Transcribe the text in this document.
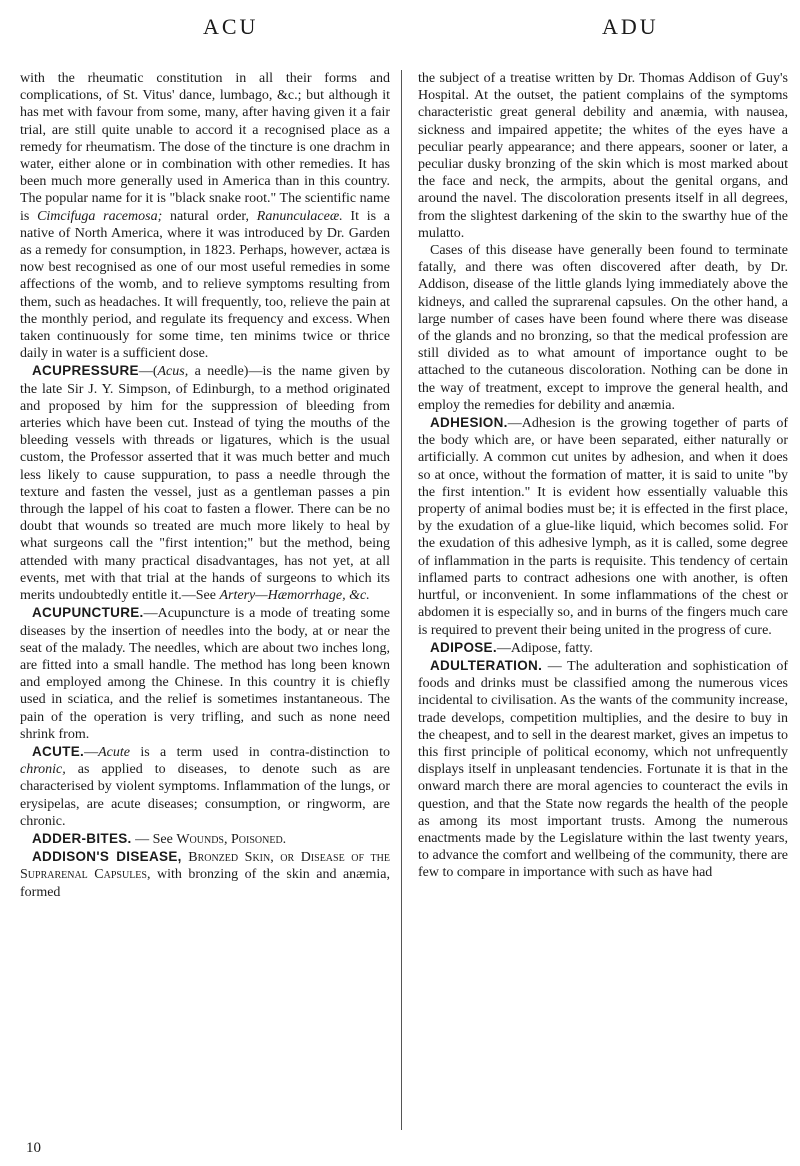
ACU	ADU

with the rheumatic constitution in all their forms and complications, of St. Vitus' dance, lumbago, &c.; but although it has met with favour from some, many, after having given it a fair trial, are still quite unable to accord it a recognised place as a remedy for rheumatism. The dose of the tincture is one drachm in water, either alone or in combination with other remedies. It has been much more generally used in America than in this country. The popular name for it is "black snake root." The scientific name is Cimcifuga racemosa; natural order, Ranunculaceæ. It is a native of North America, where it was introduced by Dr. Garden as a remedy for consumption, in 1823. Perhaps, however, actæa is now best recognised as one of our most useful remedies in some affections of the womb, and to relieve symptoms resulting from them, such as headaches. It will frequently, too, relieve the pain at the monthly period, and regulate its frequency and excess. When taken continuously for some time, ten minims twice or thrice daily in water is a sufficient dose.

ACUPRESSURE—(Acus, a needle)—is the name given by the late Sir J. Y. Simpson, of Edinburgh, to a method originated and proposed by him for the suppression of bleeding from arteries which have been cut. Instead of tying the mouths of the bleeding vessels with threads or ligatures, which is the usual custom, the Professor asserted that it was much better and much less likely to cause suppuration, to pass a needle through the texture and fasten the vessel, just as a gentleman passes a pin through the lappel of his coat to fasten a flower. There can be no doubt that wounds so treated are much more likely to heal by what surgeons call the "first intention;" but the method, being attended with many practical disadvantages, has not yet, at all events, met with that trial at the hands of surgeons to which its merits undoubtedly entitle it.—See Artery—Hæmorrhage, &c.

ACUPUNCTURE.—Acupuncture is a mode of treating some diseases by the insertion of needles into the body, at or near the seat of the malady. The needles, which are about two inches long, are fitted into a small handle. The method has long been known and employed among the Chinese. In this country it is chiefly used in sciatica, and the relief is sometimes instantaneous. The pain of the operation is very trifling, and such as none need shrink from.

ACUTE.—Acute is a term used in contra-distinction to chronic, as applied to diseases, to denote such as are characterised by violent symptoms. Inflammation of the lungs, or erysipelas, are acute diseases; consumption, or ringworm, are chronic.

ADDER-BITES. — See Wounds, Poisoned.

ADDISON'S DISEASE, Bronzed Skin, or Disease of the Suprarenal Capsules, with bronzing of the skin and anæmia, formed

the subject of a treatise written by Dr. Thomas Addison of Guy's Hospital. At the outset, the patient complains of the symptoms characteristic great general debility and anæmia, with nausea, sickness and impaired appetite; the whites of the eyes have a peculiar pearly appearance; and there appears, sooner or later, a peculiar dusky bronzing of the skin which is most marked about the face and neck, the armpits, about the genital organs, and around the navel. The discoloration presents itself in all degrees, from the slightest darkening of the skin to the swarthy hue of the mulatto.

Cases of this disease have generally been found to terminate fatally, and there was often discovered after death, by Dr. Addison, disease of the little glands lying immediately above the kidneys, and called the suprarenal capsules. On the other hand, a large number of cases have been found where there was disease of the glands and no bronzing, so that the medical profession are still divided as to what amount of importance ought to be attached to the cutaneous discoloration. Nothing can be done in the way of treatment, except to improve the general health, and employ the remedies for debility and anæmia.

ADHESION.—Adhesion is the growing together of parts of the body which are, or have been separated, either naturally or artificially. A common cut unites by adhesion, and when it does so at once, without the formation of matter, it is said to unite "by the first intention." It is evident how essentially valuable this property of animal bodies must be; it is effected in the first place, by the exudation of a glue-like liquid, which becomes solid. For the exudation of this adhesive lymph, as it is called, some degree of inflammation in the parts is requisite. This tendency of certain inflamed parts to contract adhesions one with another, is often hurtful, or inconvenient. In some inflammations of the chest or abdomen it is especially so, and in burns of the fingers much care is required to prevent their being united in the progress of cure.

ADIPOSE.—Adipose, fatty.

ADULTERATION. — The adulteration and sophistication of foods and drinks must be classified among the numerous vices incidental to civilisation. As the wants of the community increase, trade develops, competition multiplies, and the desire to buy in the cheapest, and to sell in the dearest market, gives an impetus to this first principle of political economy, which not unfrequently displays itself in unpleasant tendencies. Fortunate it is that in the onward march there are moral agencies to counteract the evils in question, and that the State now regards the health of the people as among its most important trusts. Among the numerous enactments made by the Legislature within the last twenty years, to advance the comfort and wellbeing of the community, there are few to compare in importance with such as have had

10
